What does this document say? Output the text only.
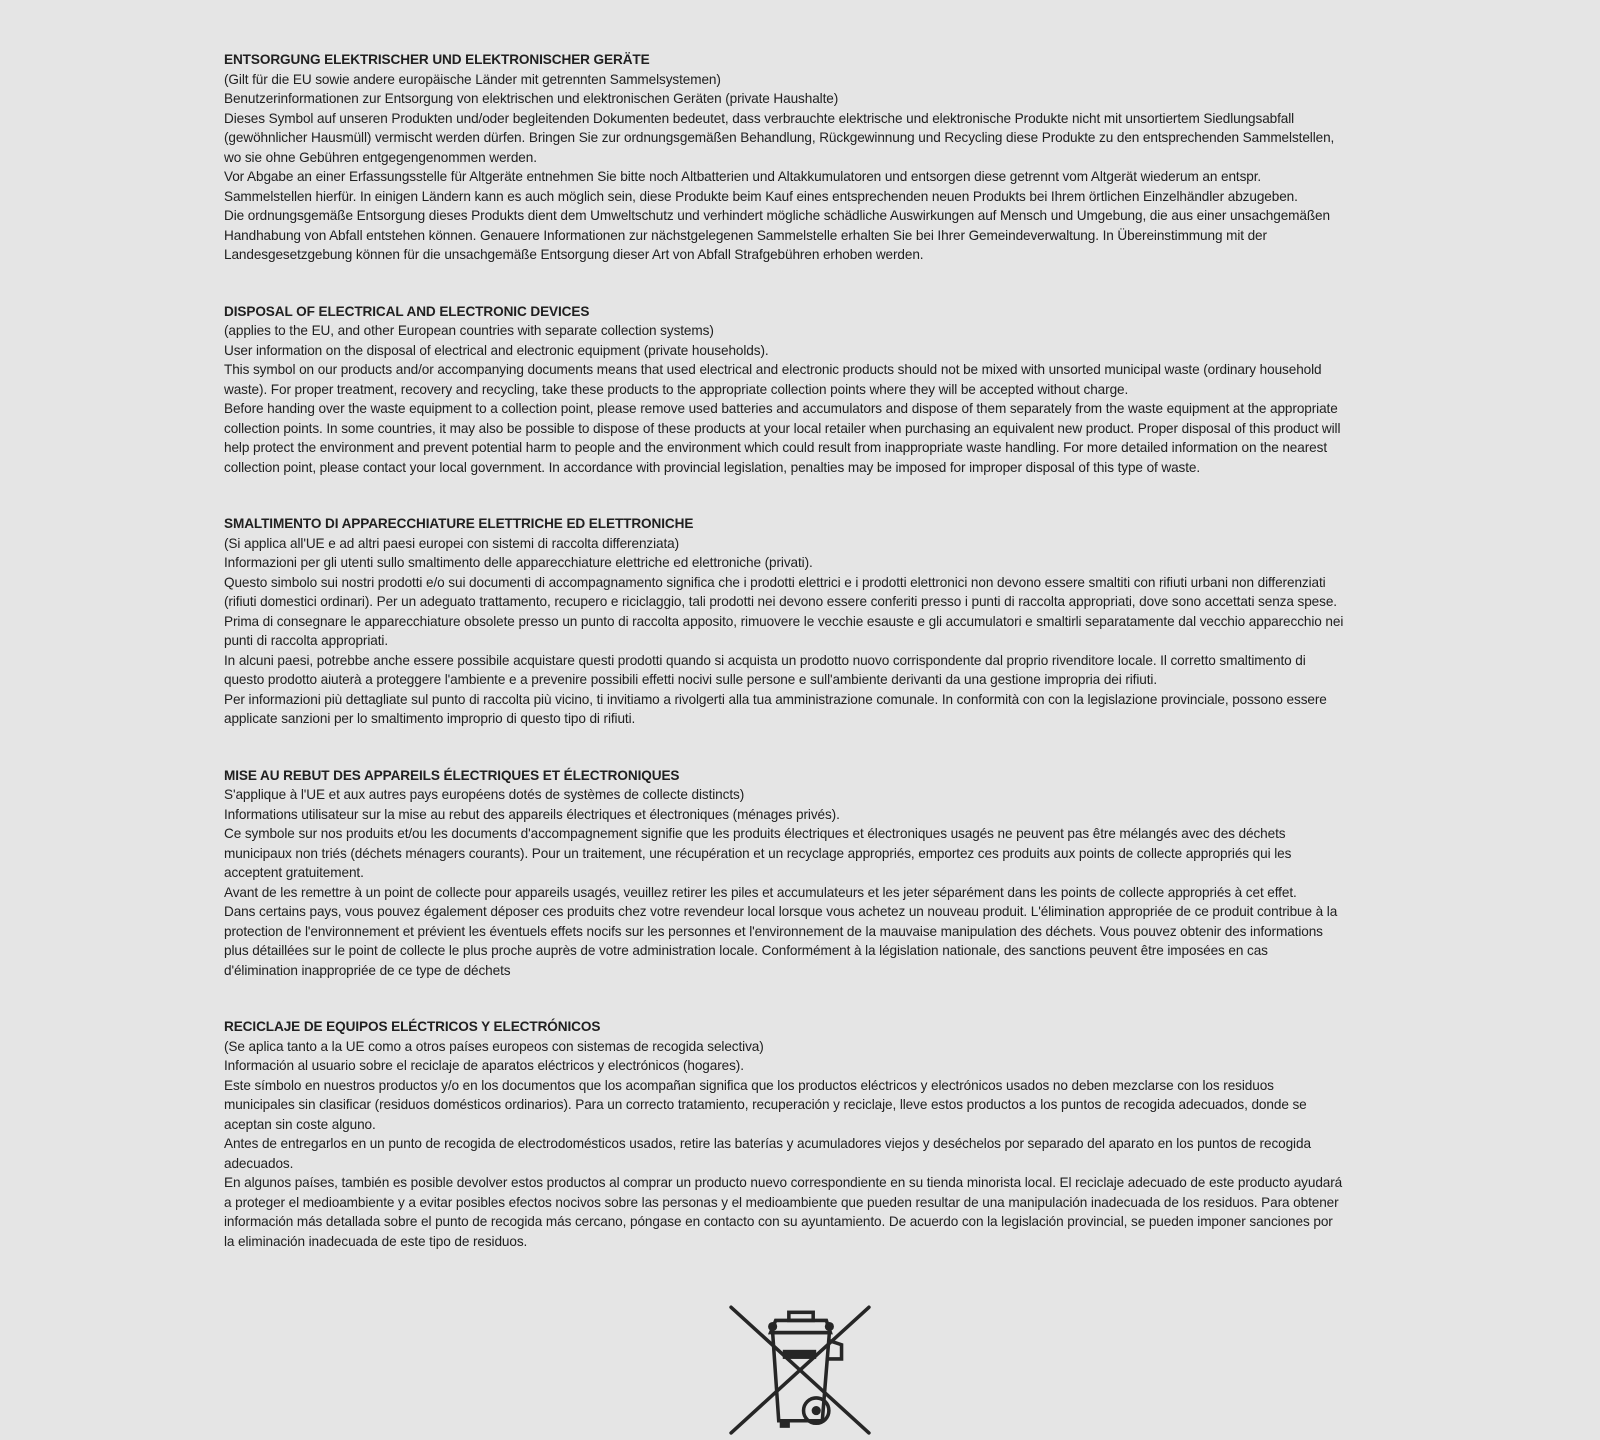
ENTSORGUNG ELEKTRISCHER UND ELEKTRONISCHER GERÄTE
(Gilt für die EU sowie andere europäische Länder mit getrennten Sammelsystemen)
Benutzerinformationen zur Entsorgung von elektrischen und elektronischen Geräten (private Haushalte)
Dieses Symbol auf unseren Produkten und/oder begleitenden Dokumenten bedeutet, dass verbrauchte elektrische und elektronische Produkte nicht mit unsortiertem Siedlungsabfall (gewöhnlicher Hausmüll) vermischt werden dürfen. Bringen Sie zur ordnungsgemäßen Behandlung, Rückgewinnung und Recycling diese Produkte zu den entsprechenden Sammelstellen, wo sie ohne Gebühren entgegengenommen werden.
Vor Abgabe an einer Erfassungsstelle für Altgeräte entnehmen Sie bitte noch Altbatterien und Altakkumulatoren und entsorgen diese getrennt vom Altgerät wiederum an entspr. Sammelstellen hierfür. In einigen Ländern kann es auch möglich sein, diese Produkte beim Kauf eines entsprechenden neuen Produkts bei Ihrem örtlichen Einzelhändler abzugeben.
Die ordnungsgemäße Entsorgung dieses Produkts dient dem Umweltschutz und verhindert mögliche schädliche Auswirkungen auf Mensch und Umgebung, die aus einer unsachgemäßen Handhabung von Abfall entstehen können. Genauere Informationen zur nächstgelegenen Sammelstelle erhalten Sie bei Ihrer Gemeindeverwaltung. In Übereinstimmung mit der Landesgesetzgebung können für die unsachgemäße Entsorgung dieser Art von Abfall Strafgebühren erhoben werden.
DISPOSAL OF ELECTRICAL AND ELECTRONIC DEVICES
(applies to the EU, and other European countries with separate collection systems)
User information on the disposal of electrical and electronic equipment (private households).
This symbol on our products and/or accompanying documents means that used electrical and electronic products should not be mixed with unsorted municipal waste (ordinary household waste). For proper treatment, recovery and recycling, take these products to the appropriate collection points where they will be accepted without charge.
Before handing over the waste equipment to a collection point, please remove used batteries and accumulators and dispose of them separately from the waste equipment at the appropriate collection points. In some countries, it may also be possible to dispose of these products at your local retailer when purchasing an equivalent new product. Proper disposal of this product will help protect the environment and prevent potential harm to people and the environment which could result from inappropriate waste handling. For more detailed information on the nearest collection point, please contact your local government. In accordance with provincial legislation, penalties may be imposed for improper disposal of this type of waste.
SMALTIMENTO DI APPARECCHIATURE ELETTRICHE ED ELETTRONICHE
(Si applica all'UE e ad altri paesi europei con sistemi di raccolta differenziata)
Informazioni per gli utenti sullo smaltimento delle apparecchiature elettriche ed elettroniche (privati).
Questo simbolo sui nostri prodotti e/o sui documenti di accompagnamento significa che i prodotti elettrici e i prodotti elettronici non devono essere smaltiti con rifiuti urbani non differenziati (rifiuti domestici ordinari). Per un adeguato trattamento, recupero e riciclaggio, tali prodotti nei devono essere conferiti presso i punti di raccolta appropriati, dove sono accettati senza spese.
Prima di consegnare le apparecchiature obsolete presso un punto di raccolta apposito, rimuovere le vecchie esauste e gli accumulatori e smaltirli separatamente dal vecchio apparecchio nei punti di raccolta appropriati.
In alcuni paesi, potrebbe anche essere possibile acquistare questi prodotti quando si acquista un prodotto nuovo corrispondente dal proprio rivenditore locale. Il corretto smaltimento di questo prodotto aiuterà a proteggere l'ambiente e a prevenire possibili effetti nocivi sulle persone e sull'ambiente derivanti da una gestione impropria dei rifiuti.
Per informazioni più dettagliate sul punto di raccolta più vicino, ti invitiamo a rivolgerti alla tua amministrazione comunale. In conformità con con la legislazione provinciale, possono essere applicate sanzioni per lo smaltimento improprio di questo tipo di rifiuti.
MISE AU REBUT DES APPAREILS ÉLECTRIQUES ET ÉLECTRONIQUES
S'applique à l'UE et aux autres pays européens dotés de systèmes de collecte distincts)
Informations utilisateur sur la mise au rebut des appareils électriques et électroniques (ménages privés).
Ce symbole sur nos produits et/ou les documents d'accompagnement signifie que les produits électriques et électroniques usagés ne peuvent pas être mélangés avec des déchets municipaux non triés (déchets ménagers courants). Pour un traitement, une récupération et un recyclage appropriés, emportez ces produits aux points de collecte appropriés qui les acceptent gratuitement.
Avant de les remettre à un point de collecte pour appareils usagés, veuillez retirer les piles et accumulateurs et les jeter séparément dans les points de collecte appropriés à cet effet.
Dans certains pays, vous pouvez également déposer ces produits chez votre revendeur local lorsque vous achetez un nouveau produit. L'élimination appropriée de ce produit contribue à la protection de l'environnement et prévient les éventuels effets nocifs sur les personnes et l'environnement de la mauvaise manipulation des déchets. Vous pouvez obtenir des informations plus détaillées sur le point de collecte le plus proche auprès de votre administration locale. Conformément à la législation nationale, des sanctions peuvent être imposées en cas d'élimination inappropriée de ce type de déchets
RECICLAJE DE EQUIPOS ELÉCTRICOS Y ELECTRÓNICOS
(Se aplica tanto a la UE como a otros países europeos con sistemas de recogida selectiva)
Información al usuario sobre el reciclaje de aparatos eléctricos y electrónicos (hogares).
Este símbolo en nuestros productos y/o en los documentos que los acompañan significa que los productos eléctricos y electrónicos usados no deben mezclarse con los residuos municipales sin clasificar (residuos domésticos ordinarios). Para un correcto tratamiento, recuperación y reciclaje, lleve estos productos a los puntos de recogida adecuados, donde se aceptan sin coste alguno.
Antes de entregarlos en un punto de recogida de electrodomésticos usados, retire las baterías y acumuladores viejos y deséchelos por separado del aparato en los puntos de recogida adecuados.
En algunos países, también es posible devolver estos productos al comprar un producto nuevo correspondiente en su tienda minorista local. El reciclaje adecuado de este producto ayudará a proteger el medioambiente y a evitar posibles efectos nocivos sobre las personas y el medioambiente que pueden resultar de una manipulación inadecuada de los residuos. Para obtener información más detallada sobre el punto de recogida más cercano, póngase en contacto con su ayuntamiento. De acuerdo con la legislación provincial, se pueden imponer sanciones por la eliminación inadecuada de este tipo de residuos.
